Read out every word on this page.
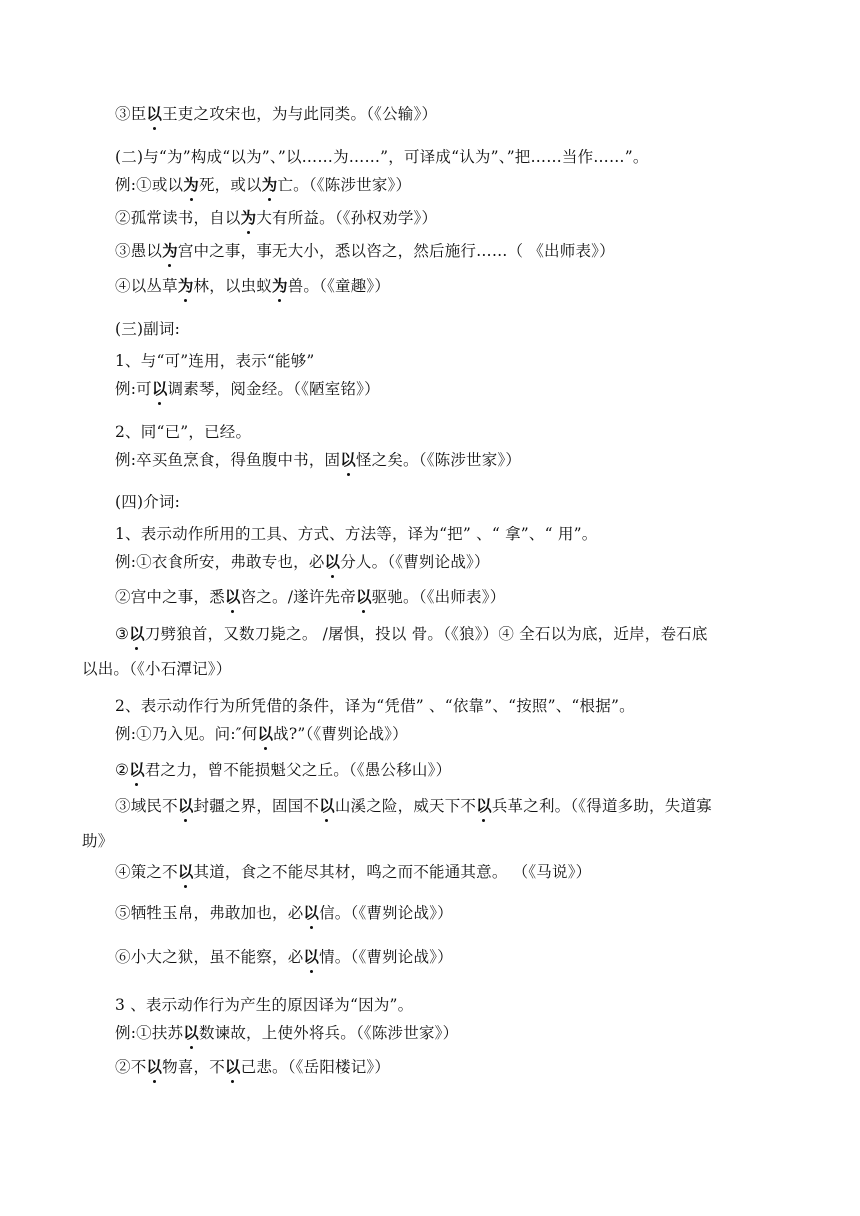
③臣以王吏之攻宋也，为与此同类。（《公输》）
(二)与“为”构成“以为”、”以……为……”，可译成“认为”、”把……当作……”。
例:①或以为死，或以为亡。（《陈涉世家》）
②孤常读书，自以为大有所益。（《孙权劝学》）
③愚以为宫中之事，事无大小，悉以咨之，然后施行……（ 《出师表》）
④以丛草为林，以虫蚁为兽。（《童趣》）
(三)副词:
1、与“可”连用，表示“能够”
例:可以调素琴，阅金经。（《陋室铭》）
2、同“已”，已经。
例:卒买鱼烹食，得鱼腹中书，固以怪之矣。（《陈涉世家》）
(四)介词:
1、表示动作所用的工具、方式、方法等，译为“把” 、“ 拿”、“ 用”。
例:①衣食所安，弗敢专也，必以分人。（《曹刿论战》）
②宫中之事，悉以咨之。/遂许先帝以驱驰。（《出师表》）
③以刀劈狼首，又数刀毙之。 /屠惧，投以 骨。（《狼》）④ 全石以为底，近岸，卷石底
以出。（《小石潭记》）
2、表示动作行为所凭借的条件，译为“凭借” 、“依靠”、“按照”、“根据”。
例:①乃入见。问:″何以战?”（《曹刿论战》）
②以君之力，曾不能损魁父之丘。（《愚公移山》）
③域民不以封疆之界，固国不以山溪之险，威天下不以兵革之利。（《得道多助，失道寡
助》
④策之不以其道，食之不能尽其材，鸣之而不能通其意。 （《马说》）
⑤牺牲玉帛，弗敢加也，必以信。（《曹刿论战》）
⑥小大之狱，虽不能察，必以情。（《曹刿论战》）
3 、表示动作行为产生的原因译为“因为”。
例:①扶苏以数谏故，上使外将兵。（《陈涉世家》）
②不以物喜，不以己悲。（《岳阳楼记》）
